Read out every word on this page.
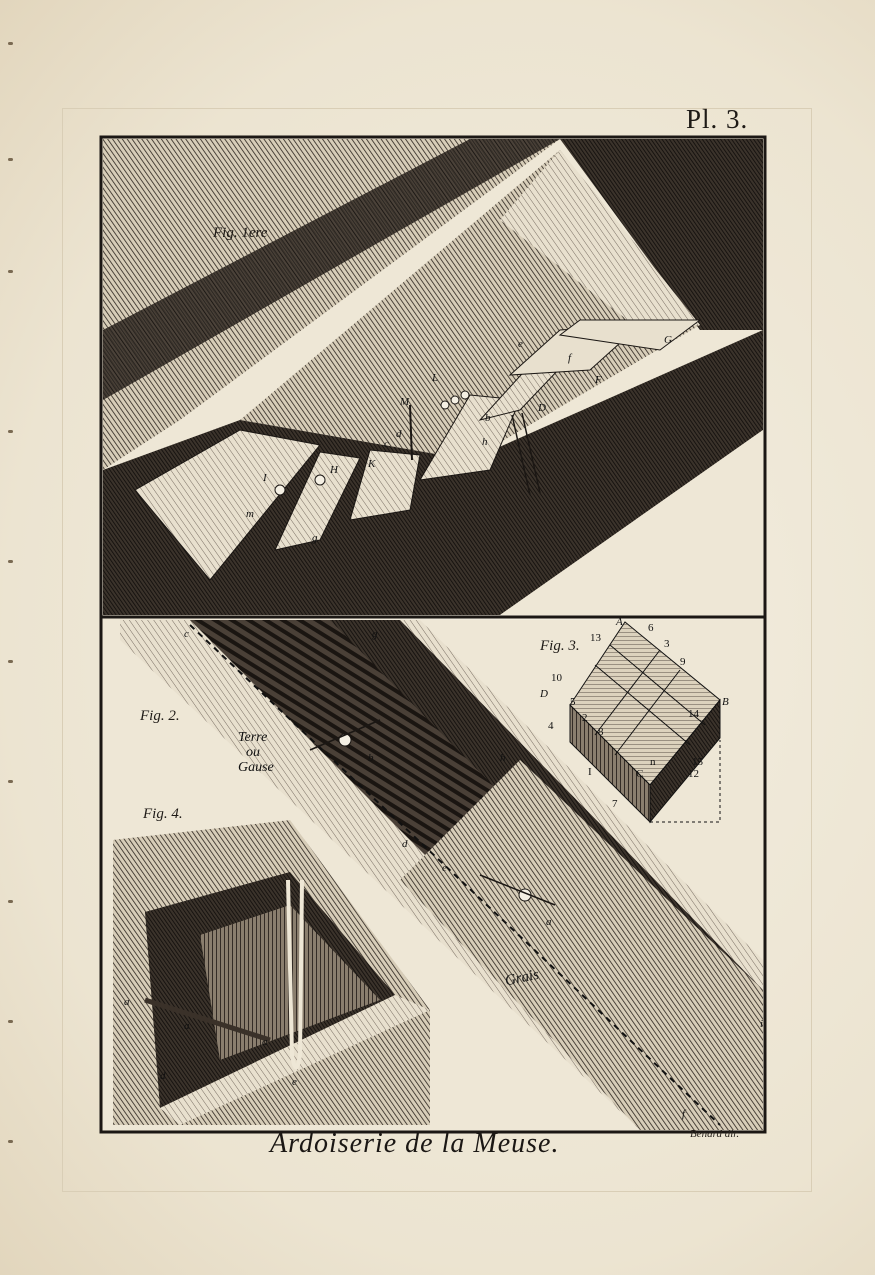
Pl. 3.
Fig. 1ere
Fig. 2.
Fig. 3.
Fig. 4.
G
F
e
f
L
M
c
d
b
D
h
I
H	K
m
g
c	g
b	h
d
e
a
i
f
Terre
ou
Gause
Grais
13
A 6
3
9
10
D
5
2
8
14
B
4
I	C
n	15
12
7
a
a
a
e
d
Ardoiserie de la Meuse.	Benard dir.
